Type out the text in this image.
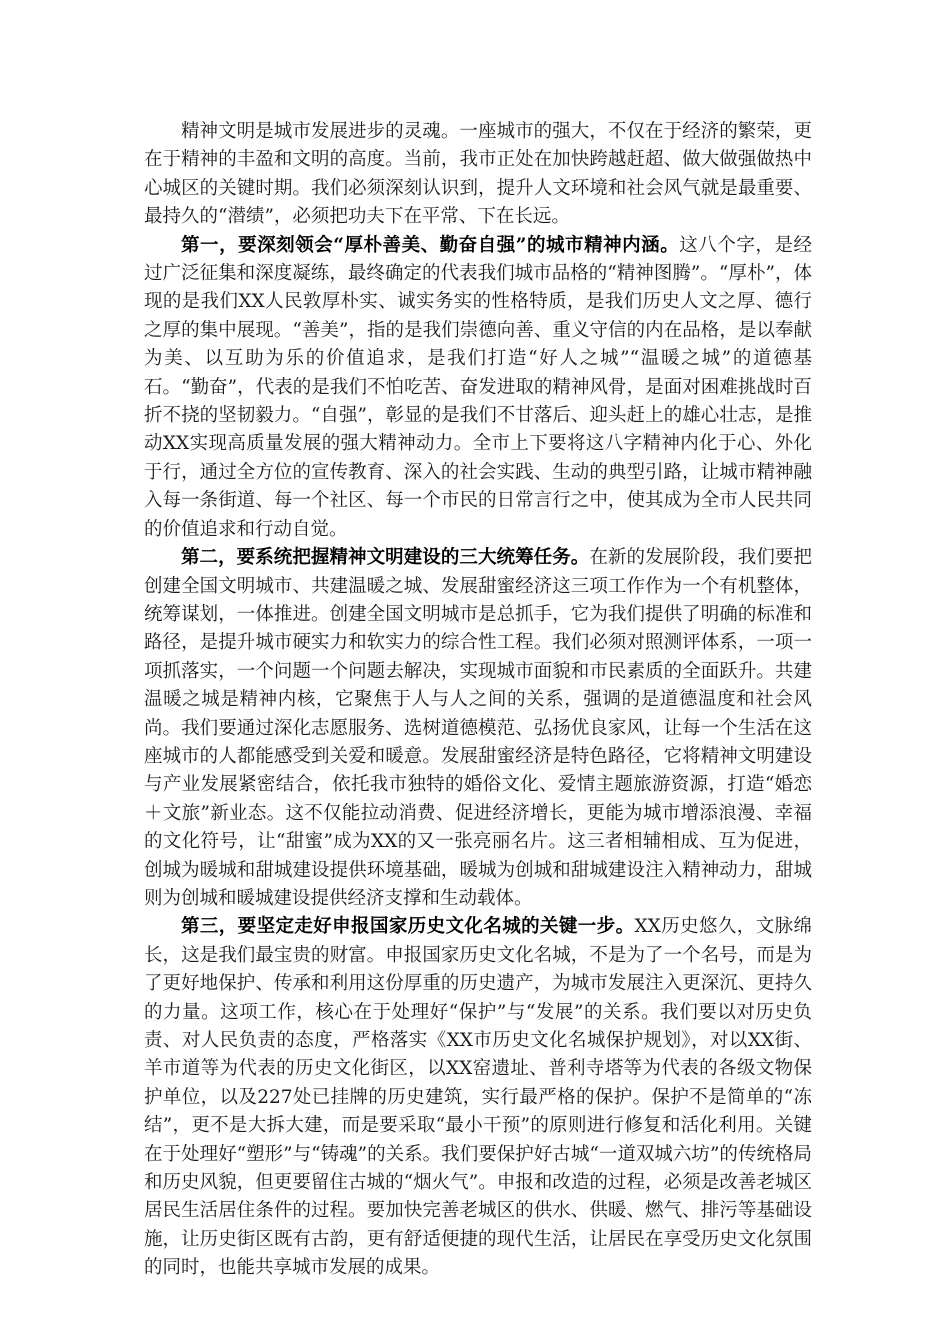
精神文明是城市发展进步的灵魂。一座城市的强大，不仅在于经济的繁荣，更在于精神的丰盈和文明的高度。当前，我市正处在加快跨越赶超、做大做强做热中心城区的关键时期。我们必须深刻认识到，提升人文环境和社会风气就是最重要、最持久的“潜绩”，必须把功夫下在平常、下在长远。

第一，要深刻领会“厚朴善美、勤奋自强”的城市精神内涵。这八个字，是经过广泛征集和深度凝练，最终确定的代表我们城市品格的“精神图腾”。“厚朴”，体现的是我们XX人民敦厚朴实、诚实务实的性格特质，是我们历史人文之厚、德行之厚的集中展现。“善美”，指的是我们崇德向善、重义守信的内在品格，是以奉献为美、以互助为乐的价值追求，是我们打造“好人之城”“温暖之城”的道德基石。“勤奋”，代表的是我们不怕吃苦、奋发进取的精神风骨，是面对困难挑战时百折不挠的坚韧毅力。“自强”，彰显的是我们不甘落后、迎头赶上的雄心壮志，是推动XX实现高质量发展的强大精神动力。全市上下要将这八字精神内化于心、外化于行，通过全方位的宣传教育、深入的社会实践、生动的典型引路，让城市精神融入每一条街道、每一个社区、每一个市民的日常言行之中，使其成为全市人民共同的价值追求和行动自觉。

第二，要系统把握精神文明建设的三大统筹任务。在新的发展阶段，我们要把创建全国文明城市、共建温暖之城、发展甜蜜经济这三项工作作为一个有机整体，统筹谋划，一体推进。创建全国文明城市是总抓手，它为我们提供了明确的标准和路径，是提升城市硬实力和软实力的综合性工程。我们必须对照测评体系，一项一项抓落实，一个问题一个问题去解决，实现城市面貌和市民素质的全面跃升。共建温暖之城是精神内核，它聚焦于人与人之间的关系，强调的是道德温度和社会风尚。我们要通过深化志愿服务、选树道德模范、弘扬优良家风，让每一个生活在这座城市的人都能感受到关爱和暖意。发展甜蜜经济是特色路径，它将精神文明建设与产业发展紧密结合，依托我市独特的婚俗文化、爱情主题旅游资源，打造“婚恋＋文旅”新业态。这不仅能拉动消费、促进经济增长，更能为城市增添浪漫、幸福的文化符号，让“甜蜜”成为XX的又一张亮丽名片。这三者相辅相成、互为促进，创城为暖城和甜城建设提供环境基础，暖城为创城和甜城建设注入精神动力，甜城则为创城和暖城建设提供经济支撑和生动载体。

第三，要坚定走好申报国家历史文化名城的关键一步。XX历史悠久，文脉绵长，这是我们最宝贵的财富。申报国家历史文化名城，不是为了一个名号，而是为了更好地保护、传承和利用这份厚重的历史遗产，为城市发展注入更深沉、更持久的力量。这项工作，核心在于处理好“保护”与“发展”的关系。我们要以对历史负责、对人民负责的态度，严格落实《XX市历史文化名城保护规划》，对以XX街、羊市道等为代表的历史文化街区，以XX窑遗址、普利寺塔等为代表的各级文物保护单位，以及227处已挂牌的历史建筑，实行最严格的保护。保护不是简单的“冻结”，更不是大拆大建，而是要采取“最小干预”的原则进行修复和活化利用。关键在于处理好“塑形”与“铸魂”的关系。我们要保护好古城“一道双城六坊”的传统格局和历史风貌，但更要留住古城的“烟火气”。申报和改造的过程，必须是改善老城区居民生活居住条件的过程。要加快完善老城区的供水、供暖、燃气、排污等基础设施，让历史街区既有古韵，更有舒适便捷的现代生活，让居民在享受历史文化氛围的同时，也能共享城市发展的成果。
